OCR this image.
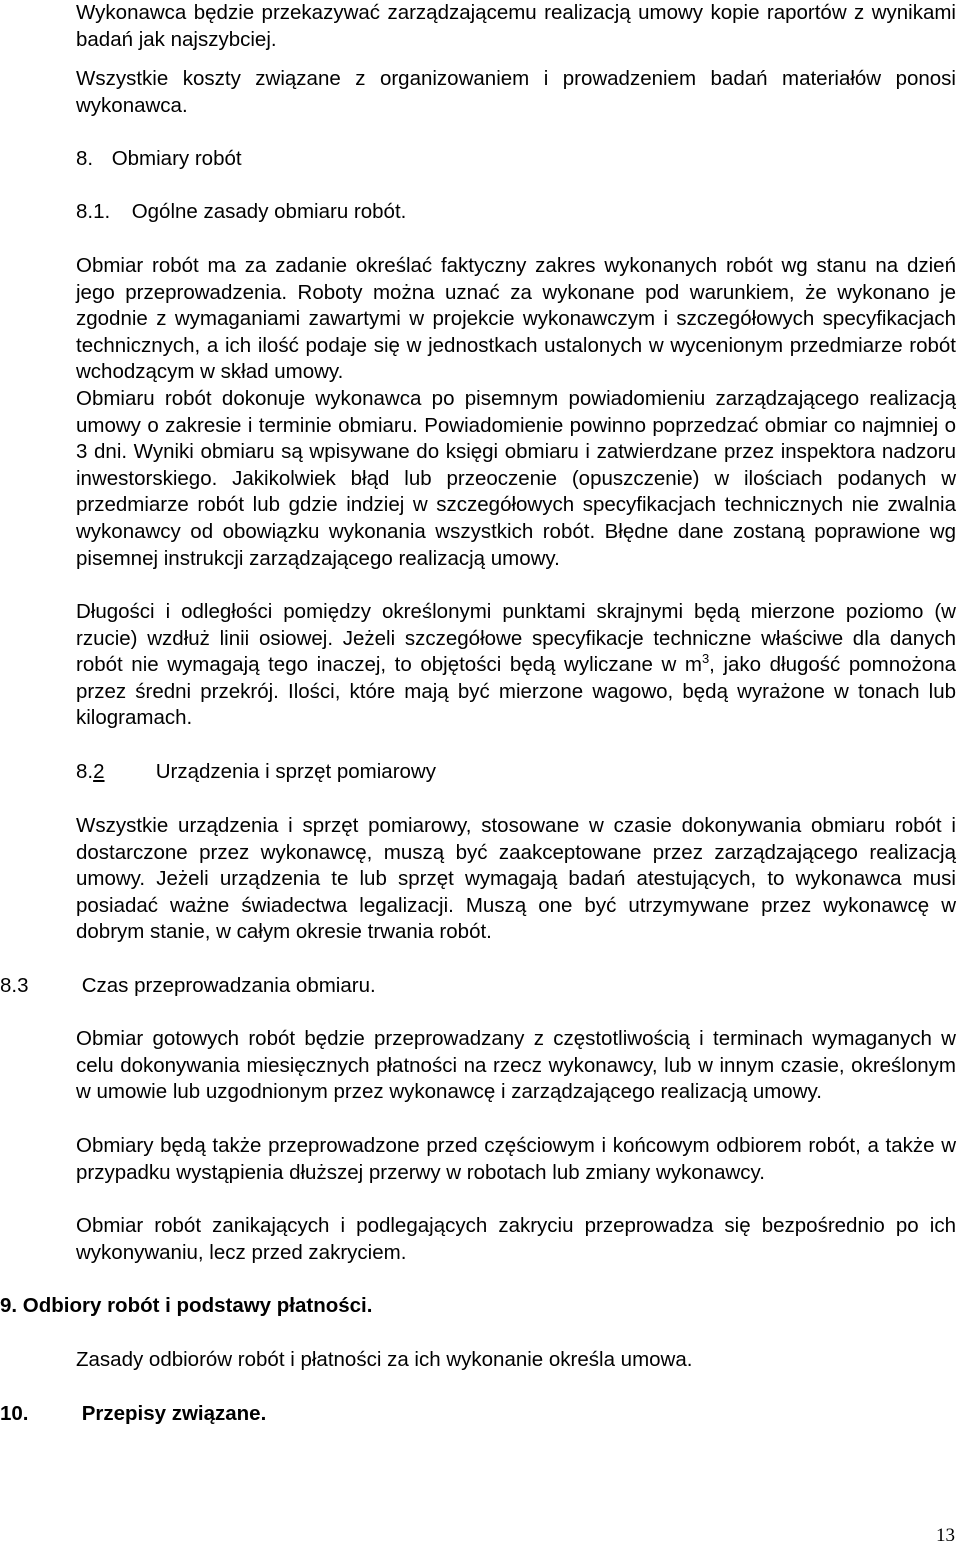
Wykonawca będzie przekazywać zarządzającemu realizacją umowy kopie raportów z wynikami badań jak najszybciej.

Wszystkie koszty związane z organizowaniem i prowadzeniem badań materiałów ponosi wykonawca.

8. Obmiary robót
8.1. Ogólne zasady obmiaru robót.

Obmiar robót ma za zadanie określać faktyczny zakres wykonanych robót wg stanu na dzień jego przeprowadzenia. Roboty można uznać za wykonane pod warunkiem, że wykonano je zgodnie z wymaganiami zawartymi w projekcie wykonawczym i szczegółowych specyfikacjach technicznych, a ich ilość podaje się w jednostkach ustalonych w wycenionym przedmiarze robót wchodzącym w skład umowy.

Obmiaru robót dokonuje wykonawca po pisemnym powiadomieniu zarządzającego realizacją umowy o zakresie i terminie obmiaru. Powiadomienie powinno poprzedzać obmiar co najmniej o 3 dni. Wyniki obmiaru są wpisywane do księgi obmiaru i zatwierdzane przez inspektora nadzoru inwestorskiego. Jakikolwiek błąd lub przeoczenie (opuszczenie) w ilościach podanych w przedmiarze robót lub gdzie indziej w szczegółowych specyfikacjach technicznych nie zwalnia wykonawcy od obowiązku wykonania wszystkich robót. Błędne dane zostaną poprawione wg pisemnej instrukcji zarządzającego realizacją umowy.

Długości i odległości pomiędzy określonymi punktami skrajnymi będą mierzone poziomo (w rzucie) wzdłuż linii osiowej. Jeżeli szczegółowe specyfikacje techniczne właściwe dla danych robót nie wymagają tego inaczej, to objętości będą wyliczane w $m^3$, jako długość pomnożona przez średni przekrój. Ilości, które mają być mierzone wagowo, będą wyrażone w tonach lub kilogramach.

8.2 Urządzenia i sprzęt pomiarowy

Wszystkie urządzenia i sprzęt pomiarowy, stosowane w czasie dokonywania obmiaru robót i dostarczone przez wykonawcę, muszą być zaakceptowane przez zarządzającego realizacją umowy. Jeżeli urządzenia te lub sprzęt wymagają badań atestujących, to wykonawca musi posiadać ważne świadectwa legalizacji. Muszą one być utrzymywane przez wykonawcę w dobrym stanie, w całym okresie trwania robót.

8.3	Czas przeprowadzania obmiaru.

Obmiar gotowych robót będzie przeprowadzany z częstotliwością i terminach wymaganych w celu dokonywania miesięcznych płatności na rzecz wykonawcy, lub w innym czasie, określonym w umowie lub uzgodnionym przez wykonawcę i zarządzającego realizacją umowy.

Obmiary będą także przeprowadzone przed częściowym i końcowym odbiorem robót, a także w przypadku wystąpienia dłuższej przerwy w robotach lub zmiany wykonawcy.

Obmiar robót zanikających i podlegających zakryciu przeprowadza się bezpośrednio po ich wykonywaniu, lecz przed zakryciem.

9. Odbiory robót i podstawy płatności.

Zasady odbiorów robót i płatności za ich wykonanie określa umowa.

10.	Przepisy związane.
13
